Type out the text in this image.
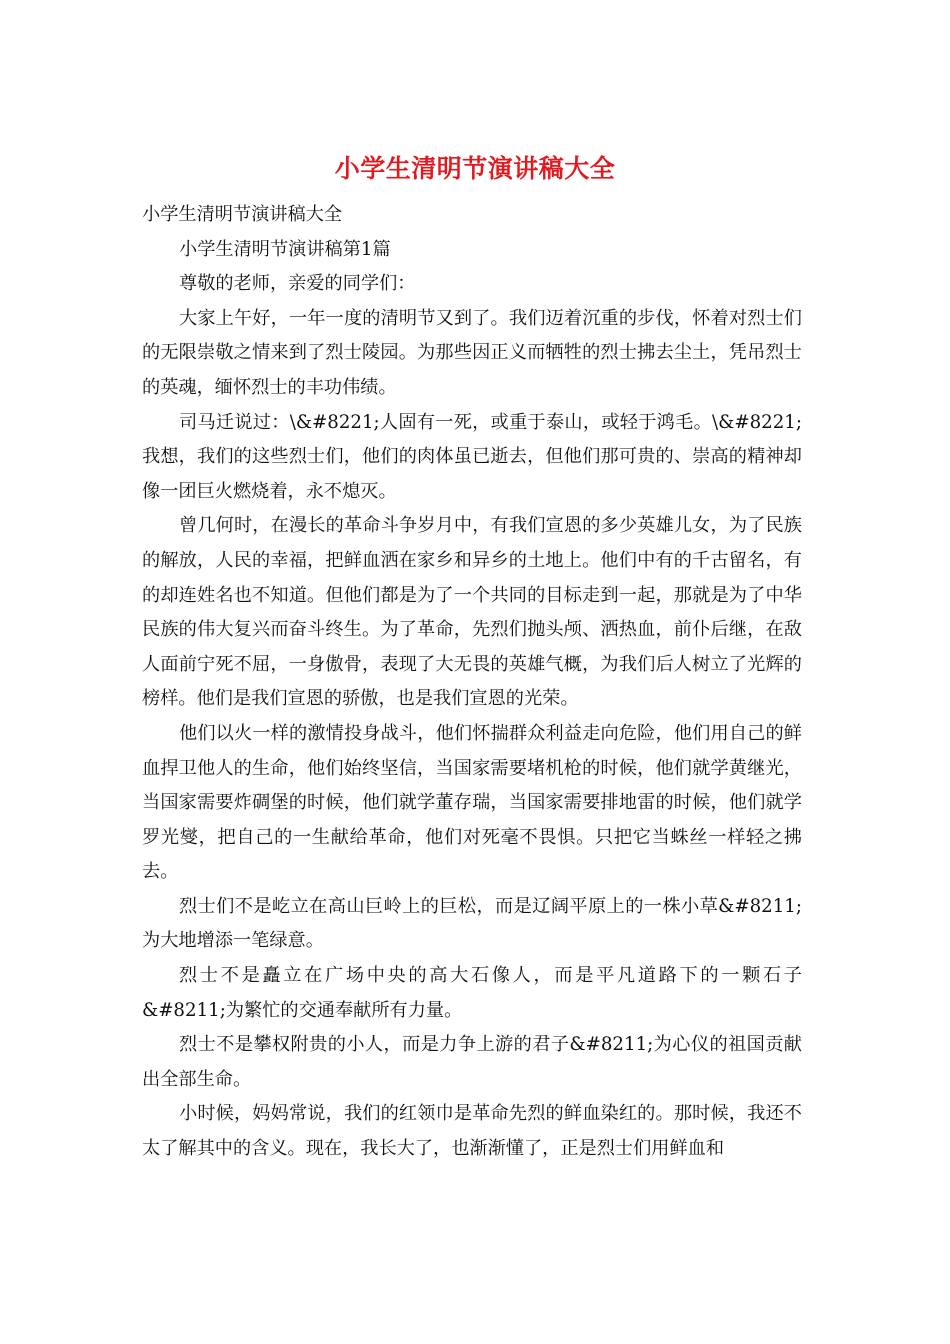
小学生清明节演讲稿大全

小学生清明节演讲稿大全

小学生清明节演讲稿第1篇

尊敬的老师，亲爱的同学们：

大家上午好，一年一度的清明节又到了。我们迈着沉重的步伐，怀着对烈士们的无限崇敬之情来到了烈士陵园。为那些因正义而牺牲的烈士拂去尘土，凭吊烈士的英魂，缅怀烈士的丰功伟绩。

司马迁说过：\&#8221;人固有一死，或重于泰山，或轻于鸿毛。\&#8221;我想，我们的这些烈士们，他们的肉体虽已逝去，但他们那可贵的、崇高的精神却像一团巨火燃烧着，永不熄灭。

曾几何时，在漫长的革命斗争岁月中，有我们宣恩的多少英雄儿女，为了民族的解放，人民的幸福，把鲜血洒在家乡和异乡的土地上。他们中有的千古留名，有的却连姓名也不知道。但他们都是为了一个共同的目标走到一起，那就是为了中华民族的伟大复兴而奋斗终生。为了革命，先烈们抛头颅、洒热血，前仆后继，在敌人面前宁死不屈，一身傲骨，表现了大无畏的英雄气概，为我们后人树立了光辉的榜样。他们是我们宣恩的骄傲，也是我们宣恩的光荣。

他们以火一样的激情投身战斗，他们怀揣群众利益走向危险，他们用自己的鲜血捍卫他人的生命，他们始终坚信，当国家需要堵机枪的时候，他们就学黄继光，当国家需要炸碉堡的时候，他们就学董存瑞，当国家需要排地雷的时候，他们就学罗光燮，把自己的一生献给革命，他们对死毫不畏惧。只把它当蛛丝一样轻之拂去。

烈士们不是屹立在高山巨岭上的巨松，而是辽阔平原上的一株小草&#8211;为大地增添一笔绿意。

烈士不是矗立在广场中央的高大石像人，而是平凡道路下的一颗石子&#8211;为繁忙的交通奉献所有力量。

烈士不是攀权附贵的小人，而是力争上游的君子&#8211;为心仪的祖国贡献出全部生命。

小时候，妈妈常说，我们的红领巾是革命先烈的鲜血染红的。那时候，我还不太了解其中的含义。现在，我长大了，也渐渐懂了，正是烈士们用鲜血和
